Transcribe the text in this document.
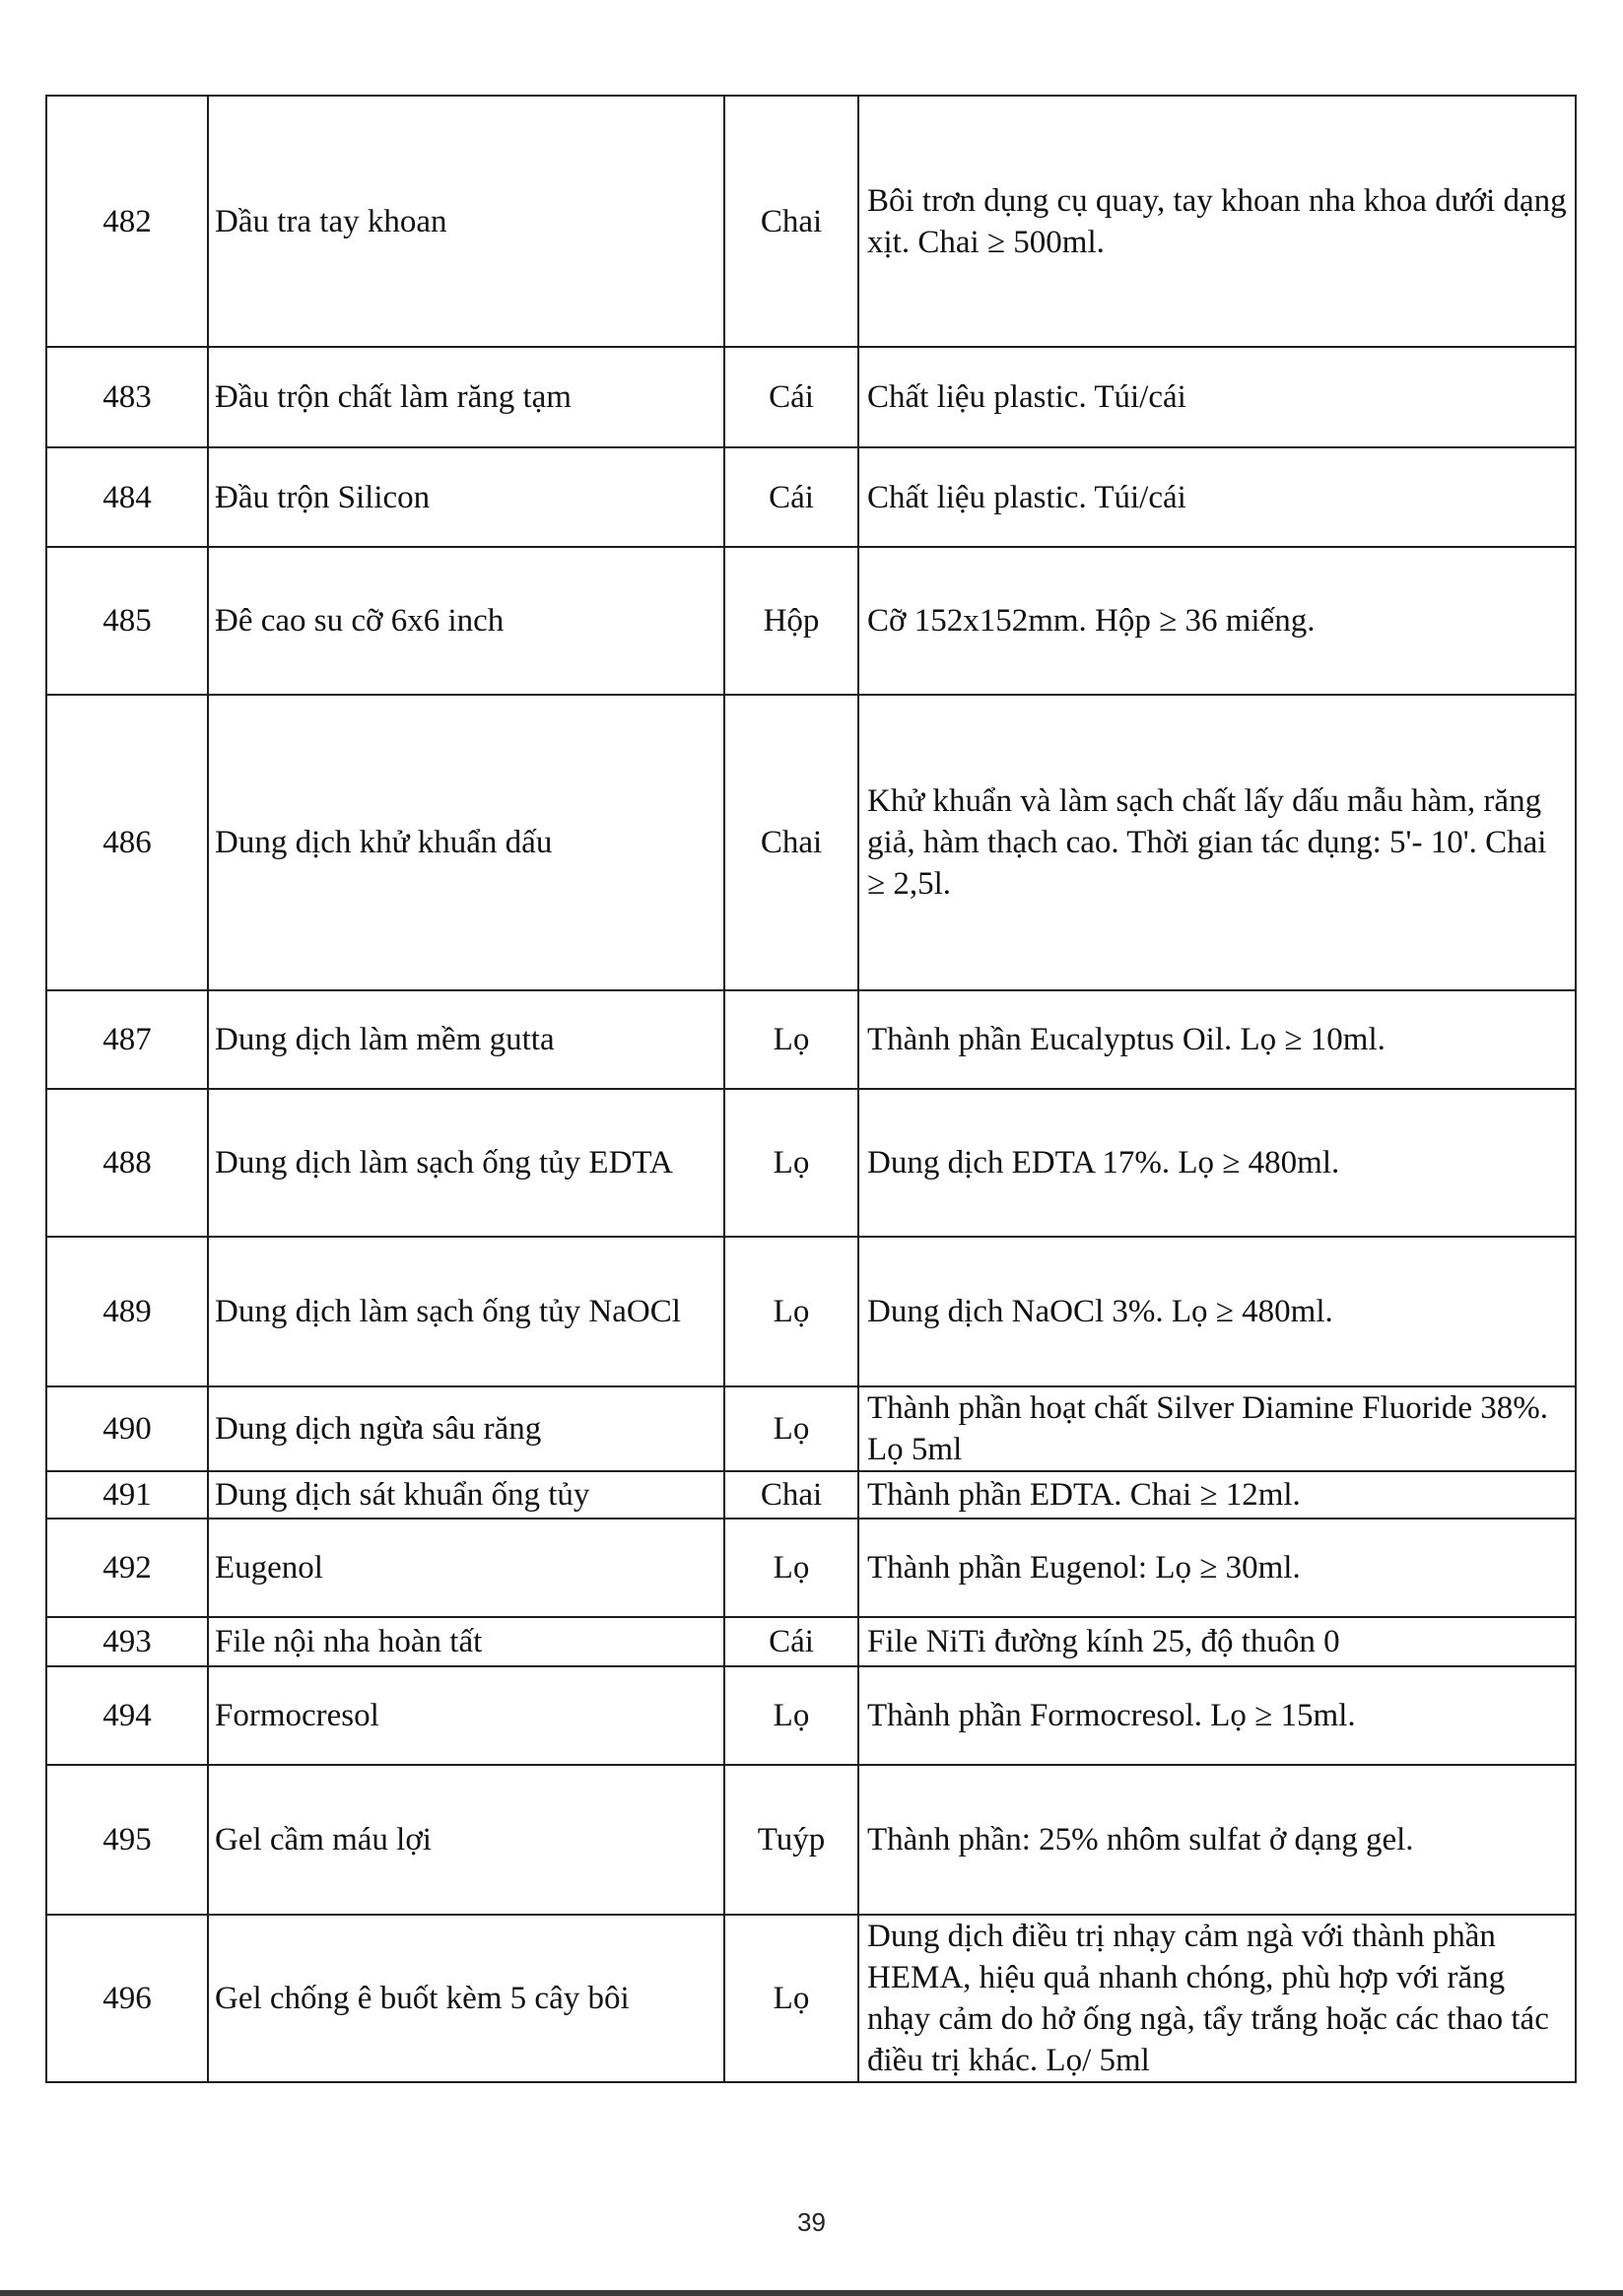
482	Dầu tra tay khoan	Chai	Bôi trơn dụng cụ quay, tay khoan nha khoa dưới dạng xịt. Chai ≥ 500ml.
483	Đầu trộn chất làm răng tạm	Cái	Chất liệu plastic. Túi/cái
484	Đầu trộn Silicon	Cái	Chất liệu plastic. Túi/cái
485	Đê cao su cỡ 6x6 inch	Hộp	Cỡ 152x152mm. Hộp ≥ 36 miếng.
486	Dung dịch khử khuẩn dấu	Chai	Khử khuẩn và làm sạch chất lấy dấu mẫu hàm, răng giả, hàm thạch cao. Thời gian tác dụng: 5'- 10'. Chai ≥ 2,5l.
487	Dung dịch làm mềm gutta	Lọ	Thành phần Eucalyptus Oil. Lọ ≥ 10ml.
488	Dung dịch làm sạch ống tủy EDTA	Lọ	Dung dịch EDTA 17%. Lọ ≥ 480ml.
489	Dung dịch làm sạch ống tủy NaOCl	Lọ	Dung dịch NaOCl 3%. Lọ ≥ 480ml.
490	Dung dịch ngừa sâu răng	Lọ	Thành phần hoạt chất Silver Diamine Fluoride 38%. Lọ 5ml
491	Dung dịch sát khuẩn ống tủy	Chai	Thành phần EDTA. Chai ≥ 12ml.
492	Eugenol	Lọ	Thành phần Eugenol: Lọ ≥ 30ml.
493	File nội nha hoàn tất	Cái	File NiTi đường kính 25, độ thuôn 0
494	Formocresol	Lọ	Thành phần Formocresol. Lọ ≥ 15ml.
495	Gel cầm máu lợi	Tuýp	Thành phần: 25% nhôm sulfat ở dạng gel.
496	Gel chống ê buốt kèm 5 cây bôi	Lọ	Dung dịch điều trị nhạy cảm ngà với thành phần HEMA, hiệu quả nhanh chóng, phù hợp với răng nhạy cảm do hở ống ngà, tẩy trắng hoặc các thao tác điều trị khác. Lọ/ 5ml
39
